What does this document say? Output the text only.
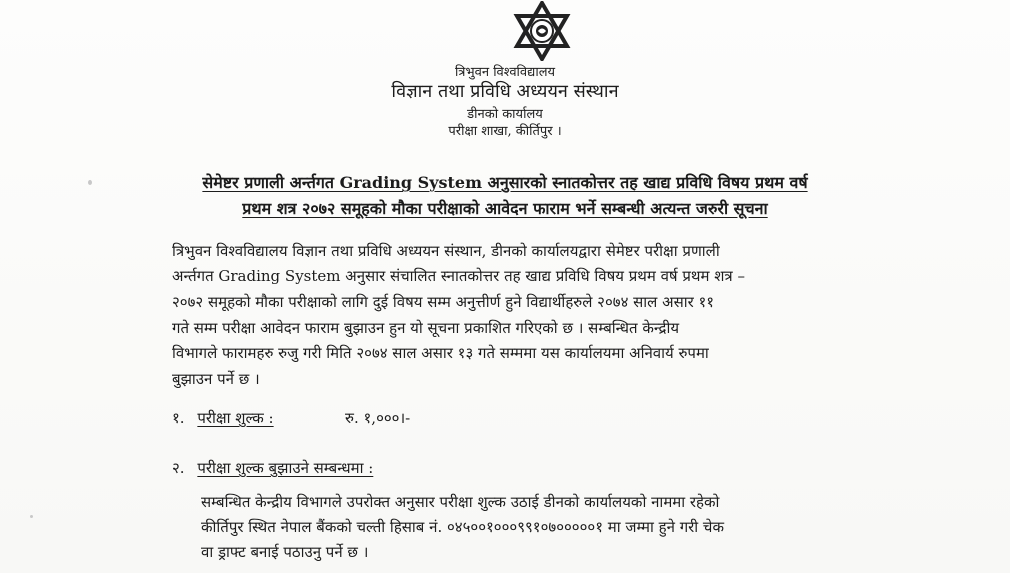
त्रिभुवन विश्वविद्यालय
विज्ञान तथा प्रविधि अध्ययन संस्थान
डीनको कार्यालय
परीक्षा शाखा, कीर्तिपुर ।
सेमेष्टर प्रणाली अर्न्तगत Grading System अनुसारको स्नातकोत्तर तह खाद्य प्रविधि विषय प्रथम वर्ष
प्रथम शत्र २०७२ समूहको मौका परीक्षाको आवेदन फाराम भर्ने सम्बन्धी अत्यन्त जरुरी सूचना
त्रिभुवन विश्वविद्यालय विज्ञान तथा प्रविधि अध्ययन संस्थान, डीनको कार्यालयद्वारा सेमेष्टर परीक्षा प्रणाली
अर्न्तगत Grading System अनुसार संचालित स्नातकोत्तर तह खाद्य प्रविधि विषय प्रथम वर्ष प्रथम शत्र –
२०७२ समूहको मौका परीक्षाको लागि दुई विषय सम्म अनुत्तीर्ण हुने विद्यार्थीहरुले २०७४ साल असार ११
गते सम्म परीक्षा आवेदन फाराम बुझाउन हुन यो सूचना प्रकाशित गरिएको छ । सम्बन्धित केन्द्रीय
विभागले फारामहरु रुजु गरी मिति २०७४ साल असार १३ गते सम्ममा यस कार्यालयमा अनिवार्य रुपमा
बुझाउन पर्ने छ ।
१. परीक्षा शुल्क :	रु. १,०००।-
२. परीक्षा शुल्क बुझाउने सम्बन्धमा :
सम्बन्धित केन्द्रीय विभागले उपरोक्त अनुसार परीक्षा शुल्क उठाई डीनको कार्यालयको नाममा रहेको
कीर्तिपुर स्थित नेपाल बैंकको चल्ती हिसाब नं. ०४५००१०००९९१०७०००००१ मा जम्मा हुने गरी चेक
वा ड्राफ्ट बनाई पठाउनु पर्ने छ ।
